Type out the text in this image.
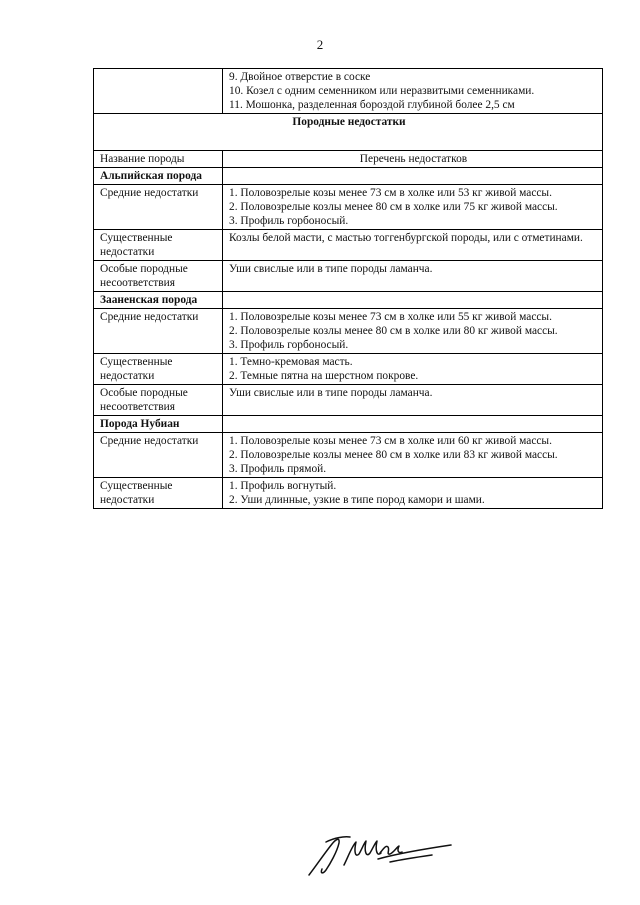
2

	9. Двойное отверстие в соске
10. Козел с одним семенником или неразвитыми семенниками.
11. Мошонка, разделенная бороздой глубиной более 2,5 см

Породные недостатки	
Название породы	Перечень недостатков
Альпийская порода	
Средние недостатки	1. Половозрелые козы менее 73 см в холке или 53 кг живой массы.
2. Половозрелые козлы менее 80 см в холке или 75 кг живой массы.
3. Профиль горбоносый.

Существенные недостатки	Козлы белой масти, с мастью тоггенбургской породы, или с отметинами.
Особые породные несоответствия	Уши свислые или в типе породы ламанча.
Зааненская порода	
Средние недостатки	1. Половозрелые козы менее 73 см в холке или 55 кг живой массы.
2. Половозрелые козлы менее 80 см в холке или 80 кг живой массы.
3. Профиль горбоносый.

Существенные недостатки	1. Темно-кремовая масть.
2. Темные пятна на шерстном покрове.

Особые породные несоответствия	Уши свислые или в типе породы ламанча.
Порода Нубиан	
Средние недостатки	1. Половозрелые козы менее 73 см в холке или 60 кг живой массы.
2. Половозрелые козлы менее 80 см в холке или 83 кг живой массы.
3. Профиль прямой.

Существенные недостатки	1. Профиль вогнутый.
2. Уши длинные, узкие в типе пород камори и шами.
